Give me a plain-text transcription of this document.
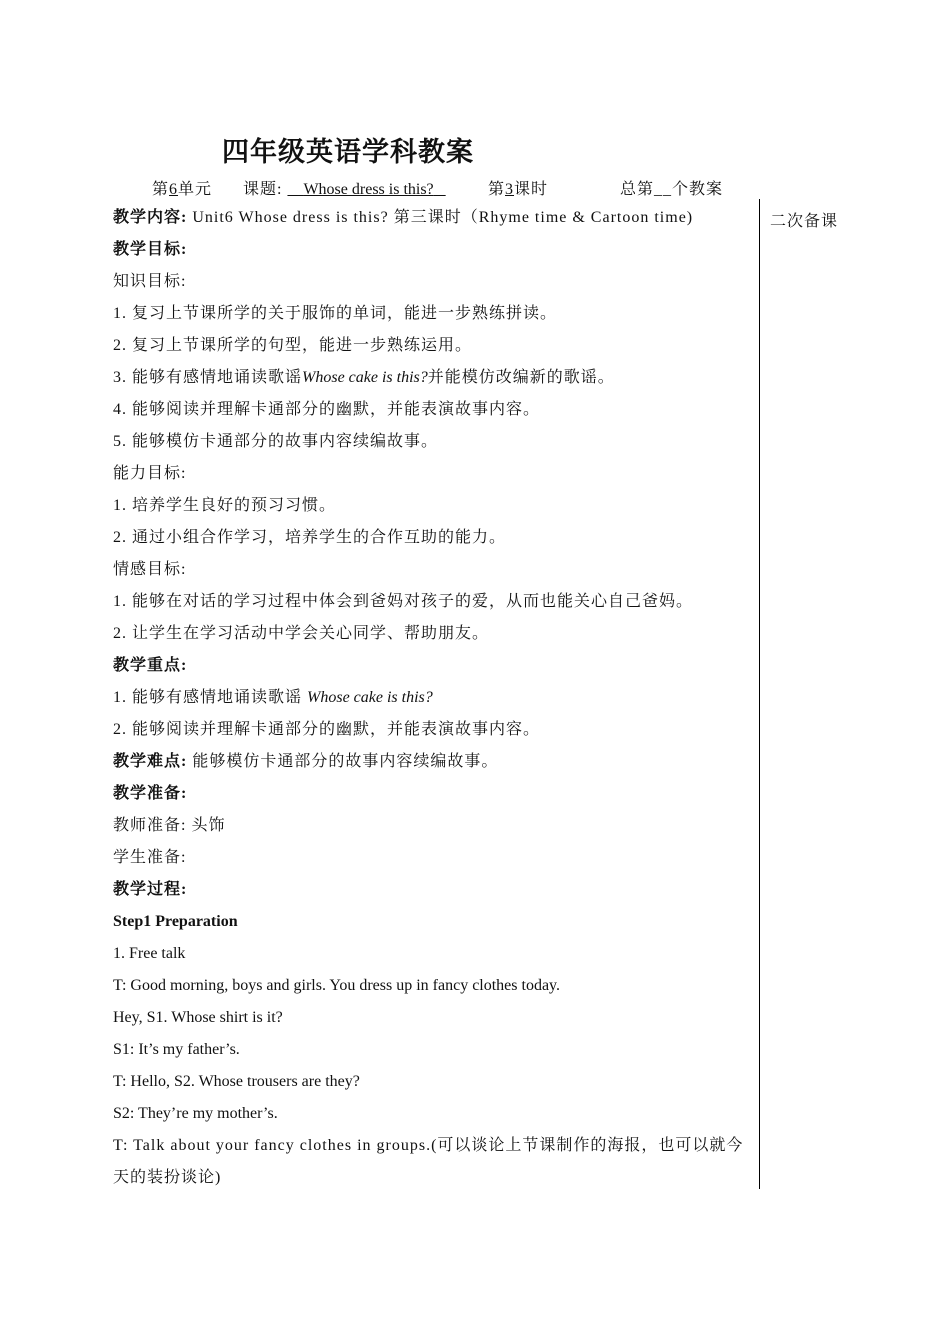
四年级英语学科教案
第6单元 课题: Whose dress is this?	第3课时	总第__个教案
二次备课
教学内容: Unit6 Whose dress is this? 第三课时（Rhyme time & Cartoon time)
教学目标:
知识目标:
1. 复习上节课所学的关于服饰的单词，能进一步熟练拼读。
2. 复习上节课所学的句型，能进一步熟练运用。
3. 能够有感情地诵读歌谣Whose cake is this?并能模仿改编新的歌谣。
4. 能够阅读并理解卡通部分的幽默，并能表演故事内容。
5. 能够模仿卡通部分的故事内容续编故事。
能力目标:
1. 培养学生良好的预习习惯。
2. 通过小组合作学习，培养学生的合作互助的能力。
情感目标:
1. 能够在对话的学习过程中体会到爸妈对孩子的爱，从而也能关心自己爸妈。
2. 让学生在学习活动中学会关心同学、帮助朋友。
教学重点:
1. 能够有感情地诵读歌谣 Whose cake is this?
2. 能够阅读并理解卡通部分的幽默，并能表演故事内容。
教学难点: 能够模仿卡通部分的故事内容续编故事。
教学准备:
教师准备: 头饰
学生准备:
教学过程:
Step1 Preparation
1. Free talk
T: Good morning, boys and girls. You dress up in fancy clothes today.
Hey, S1. Whose shirt is it?
S1: It’s my father’s.
T: Hello, S2. Whose trousers are they?
S2: They’re my mother’s.
T: Talk about your fancy clothes in groups.(可以谈论上节课制作的海报，也可以就今天的装扮谈论)
